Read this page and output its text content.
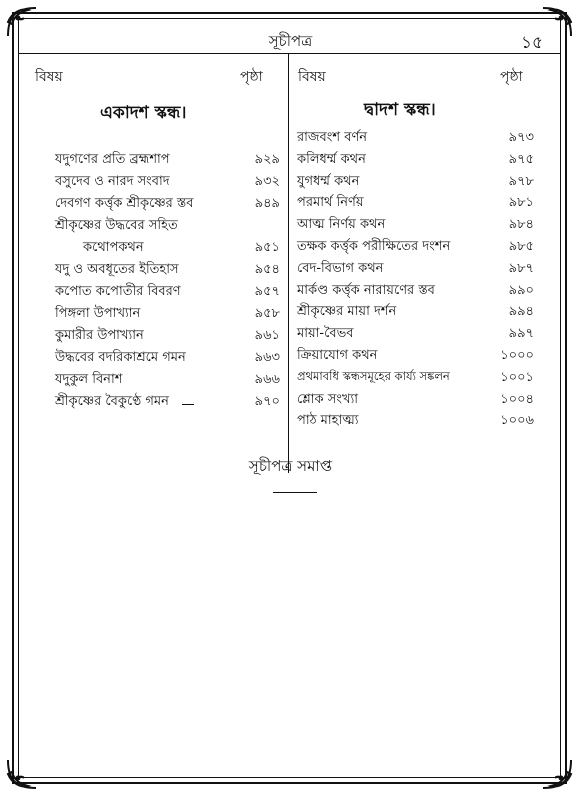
সূচীপত্র	১৫
বিষয়	পৃষ্ঠা	বিষয়	পৃষ্ঠা
একাদশ স্কন্ধ।	দ্বাদশ স্কন্ধ।
যদুগণের প্রতি ব্রহ্মশাপ	৯২৯
বসুদেব ও নারদ সংবাদ	৯৩২
দেবগণ কর্ত্তৃক শ্রীকৃষ্ণের স্তব	৯৪৯
শ্রীকৃষ্ণের উদ্ধবের সহিত
কথোপকথন	৯৫১
যদু ও অবধূতের ইতিহাস	৯৫৪
কপোত কপোতীর বিবরণ	৯৫৭
পিঙ্গলা উপাখ্যান	৯৫৮
কুমারীর উপাখ্যান	৯৬১
উদ্ধবের বদরিকাশ্রমে গমন	৯৬৩
যদুকুল বিনাশ	৯৬৬
শ্রীকৃষ্ণের বৈকুণ্ঠে গমন	৯৭০
রাজবংশ বর্ণন	৯৭৩
কলিধর্ম্ম কথন	৯৭৫
যুগধর্ম্ম কথন	৯৭৮
পরমার্থ নির্ণয়	৯৮১
আত্ম নির্ণয় কথন	৯৮৪
তক্ষক কর্ত্তৃক পরীক্ষিতের দংশন	৯৮৫
বেদ-বিভাগ কথন	৯৮৭
মার্কণ্ড কর্ত্তৃক নারায়ণের স্তব	৯৯০
শ্রীকৃষ্ণের মায়া দর্শন	৯৯৪
মায়া-বৈভব	৯৯৭
ক্রিয়াযোগ কথন	১০০০
প্রথমাবধি স্কন্ধসমূহের কার্য্য সঙ্কলন	১০০১
শ্লোক সংখ্যা	১০০৪
পাঠ মাহাত্ম্য	১০০৬
সূচীপত্র সমাপ্ত
